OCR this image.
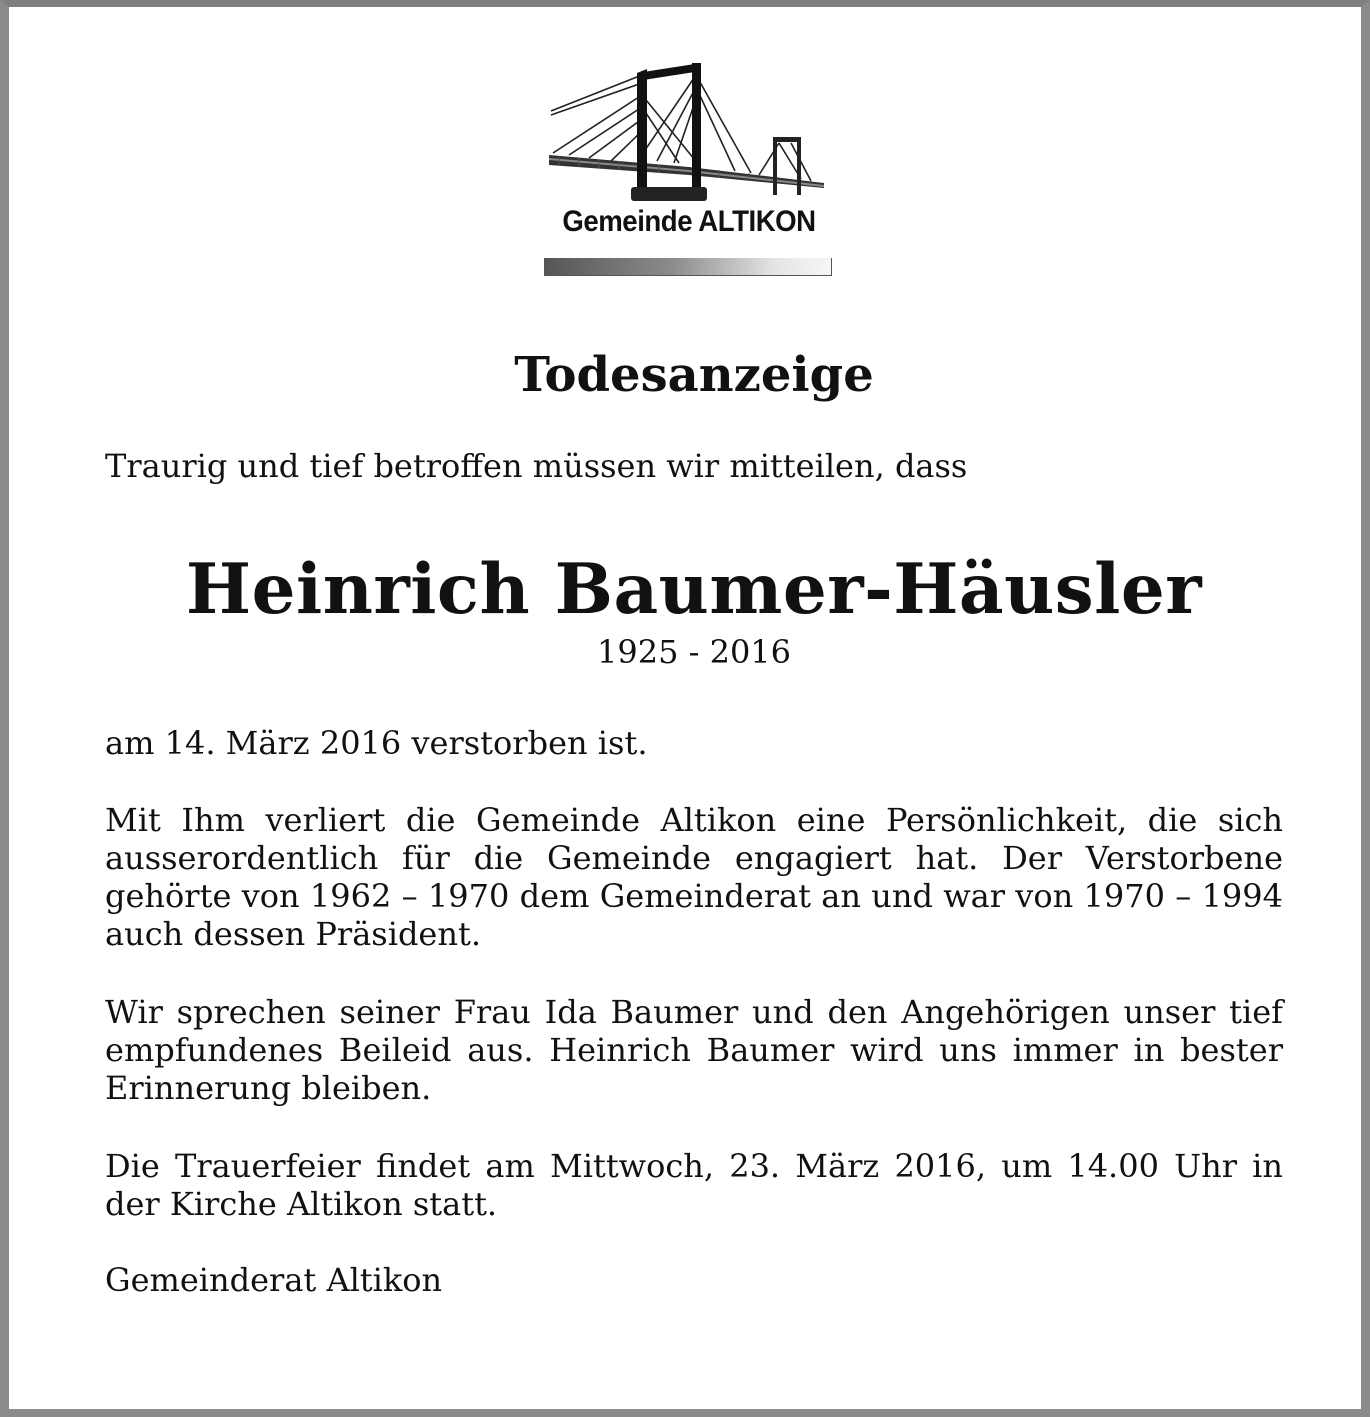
Gemeinde ALTIKON
Todesanzeige

Traurig und tief betroffen müssen wir mitteilen, dass

Heinrich Baumer-Häusler
1925 - 2016

am 14. März 2016 verstorben ist.

Mit Ihm verliert die Gemeinde Altikon eine Persönlichkeit, die sich ausserordentlich für die Gemeinde engagiert hat. Der Verstorbene gehörte von 1962 – 1970 dem Gemeinderat an und war von 1970 – 1994 auch dessen Präsident.

Wir sprechen seiner Frau Ida Baumer und den Angehörigen unser tief empfundenes Beileid aus. Heinrich Baumer wird uns immer in bester Erinnerung bleiben.

Die Trauerfeier findet am Mittwoch, 23. März 2016, um 14.00 Uhr in der Kirche Altikon statt.

Gemeinderat Altikon
